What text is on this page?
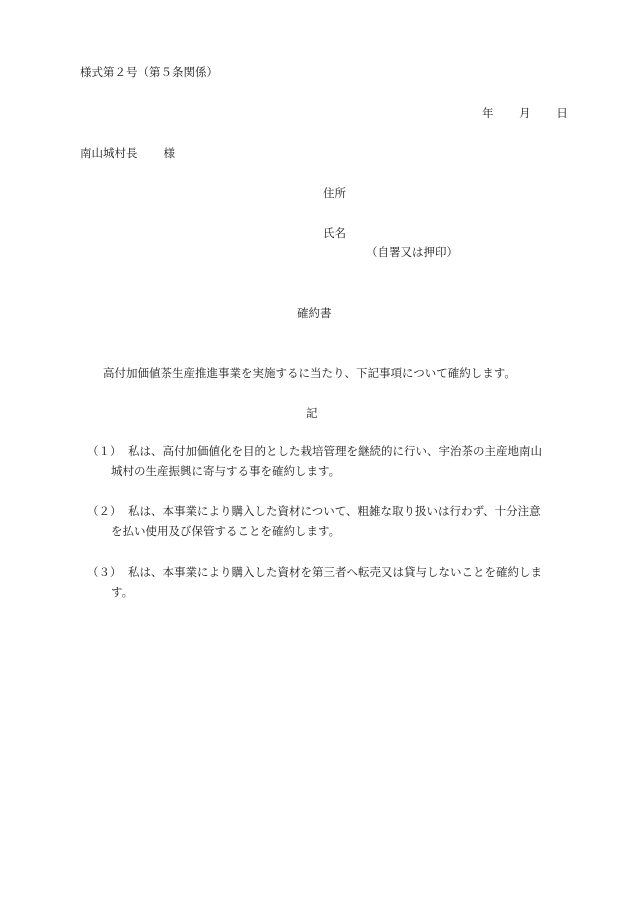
様式第２号（第５条関係）
年 月 日
南山城村長 様
住所
氏名
（自署又は押印）
確約書
高付加価値茶生産推進事業を実施するに当たり、下記事項について確約します。
記
（１） 私は、高付加価値化を目的とした栽培管理を継続的に行い、宇治茶の主産地南山
城村の生産振興に寄与する事を確約します。
（２） 私は、本事業により購入した資材について、粗雑な取り扱いは行わず、十分注意
を払い使用及び保管することを確約します。
（３） 私は、本事業により購入した資材を第三者へ転売又は貸与しないことを確約しま
す。
